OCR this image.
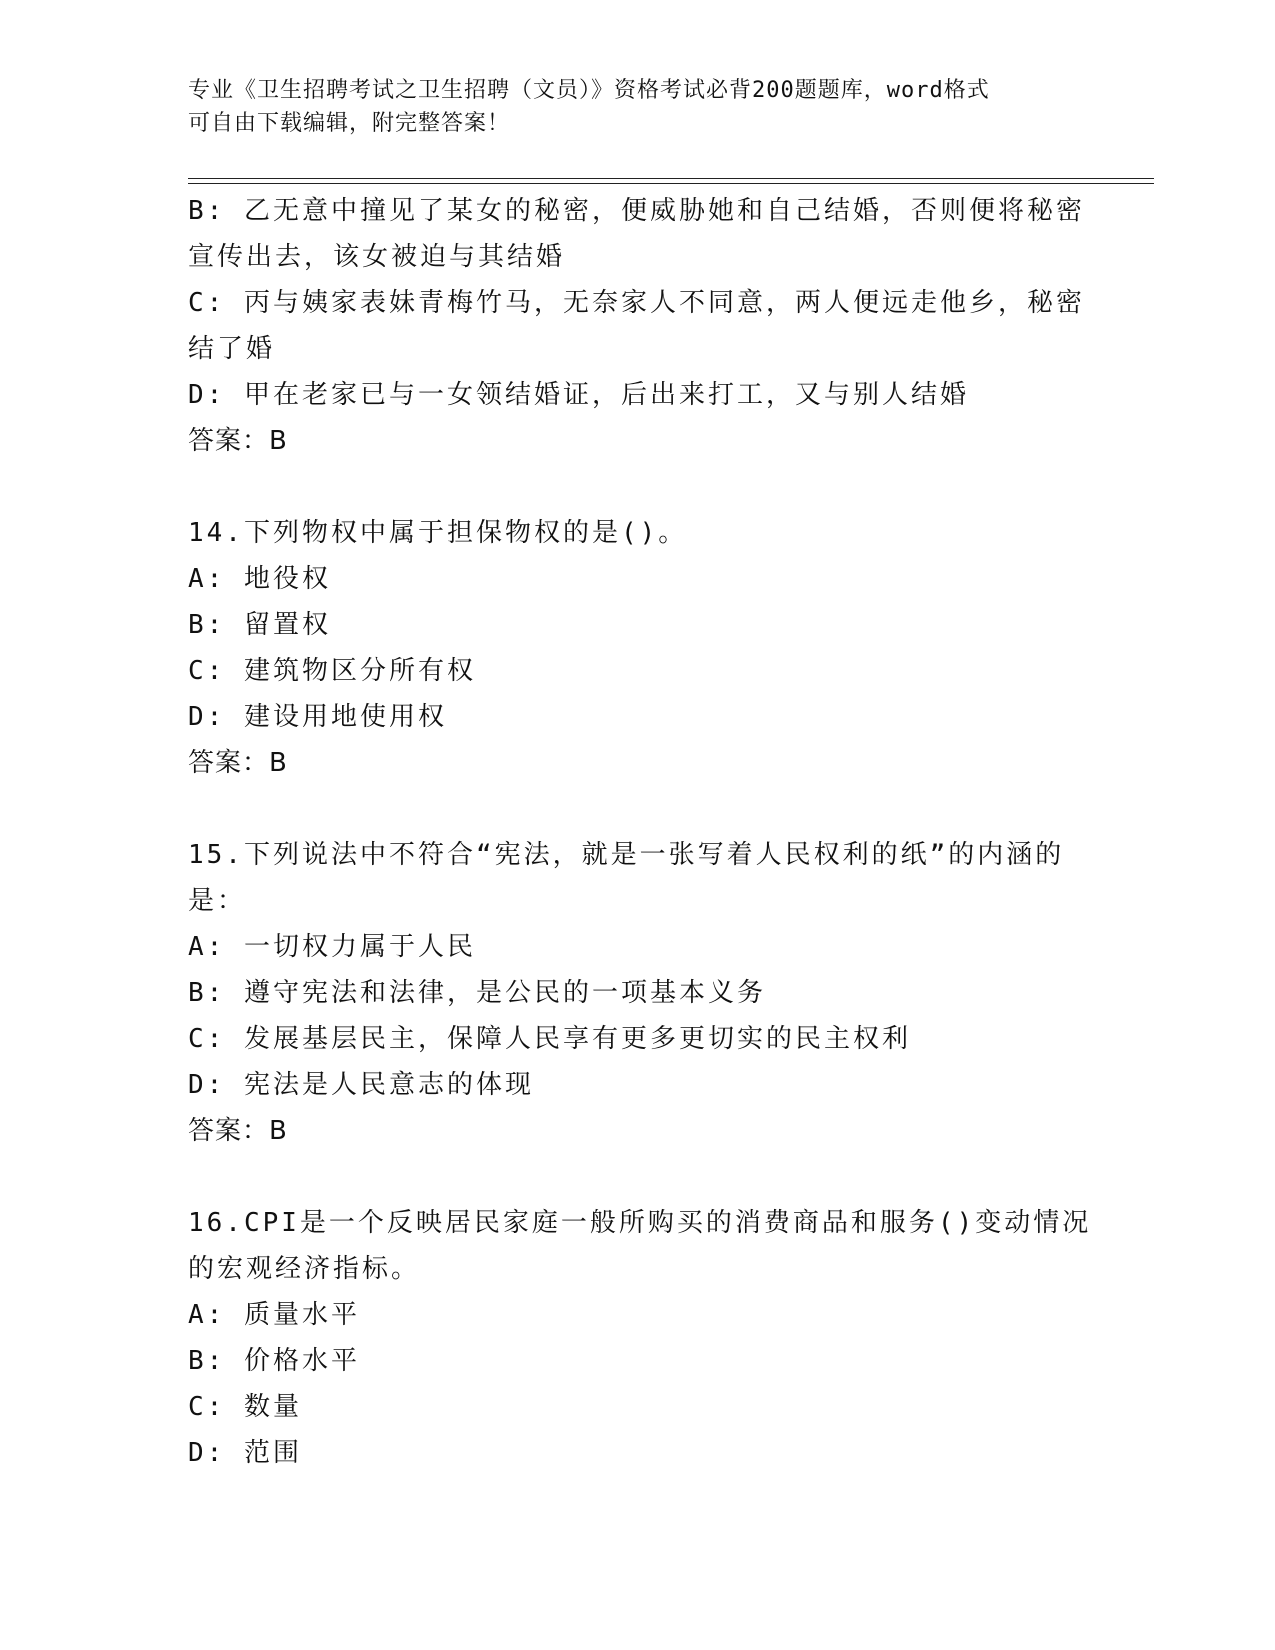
专业《卫生招聘考试之卫生招聘（文员）》资格考试必背200题题库，word格式
可自由下载编辑，附完整答案！
B: 乙无意中撞见了某女的秘密，便威胁她和自己结婚，否则便将秘密
宣传出去，该女被迫与其结婚
C: 丙与姨家表妹青梅竹马，无奈家人不同意，两人便远走他乡，秘密
结了婚
D: 甲在老家已与一女领结婚证，后出来打工，又与别人结婚
答案：B
14.下列物权中属于担保物权的是()。
A: 地役权
B: 留置权
C: 建筑物区分所有权
D: 建设用地使用权
答案：B
15.下列说法中不符合“宪法，就是一张写着人民权利的纸”的内涵的
是：
A: 一切权力属于人民
B: 遵守宪法和法律，是公民的一项基本义务
C: 发展基层民主，保障人民享有更多更切实的民主权利
D: 宪法是人民意志的体现
答案：B
16.CPI是一个反映居民家庭一般所购买的消费商品和服务()变动情况
的宏观经济指标。
A: 质量水平
B: 价格水平
C: 数量
D: 范围
